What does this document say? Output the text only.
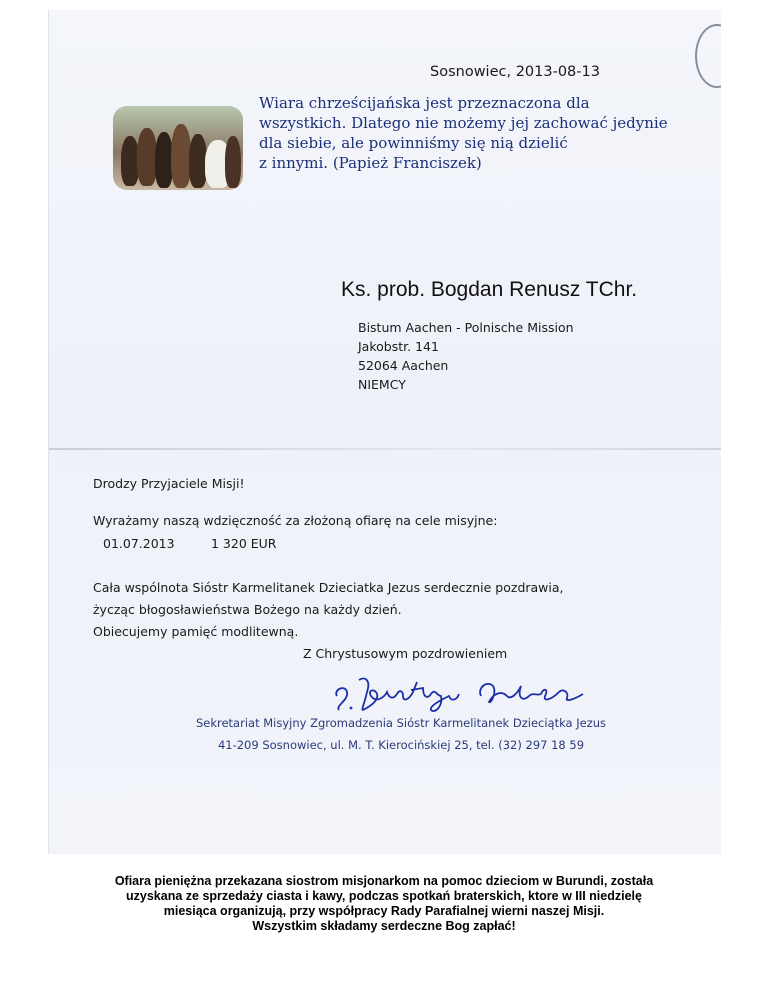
Sosnowiec, 2013-08-13
Wiara chrześcijańska jest przeznaczona dla
wszystkich. Dlatego nie możemy jej zachować jedynie
dla siebie, ale powinniśmy się nią dzielić
z innymi. (Papież Franciszek)
Ks. prob. Bogdan Renusz TChr.
Bistum Aachen - Polnische Mission
Jakobstr. 141
52064 Aachen
NIEMCY
Drodzy Przyjaciele Misji!
Wyrażamy naszą wdzięczność za złożoną ofiarę na cele misyjne:
01.07.2013	1 320 EUR
Cała wspólnota Sióstr Karmelitanek Dzieciatka Jezus serdecznie pozdrawia,
życząc błogosławieństwa Bożego na każdy dzień.
Obiecujemy pamięć modlitewną.
Z Chrystusowym pozdrowieniem
Sekretariat Misyjny Zgromadzenia Sióstr Karmelitanek Dzieciątka Jezus
41-209 Sosnowiec, ul. M. T. Kierocińskiej 25, tel. (32) 297 18 59
Ofiara pieniężna przekazana siostrom misjonarkom na pomoc dzieciom w Burundi, została
uzyskana ze sprzedaży ciasta i kawy, podczas spotkań braterskich, ktore w III niedzielę
miesiąca organizują, przy współpracy Rady Parafialnej wierni naszej Misji.
Wszystkim składamy serdeczne Bog zapłać!
